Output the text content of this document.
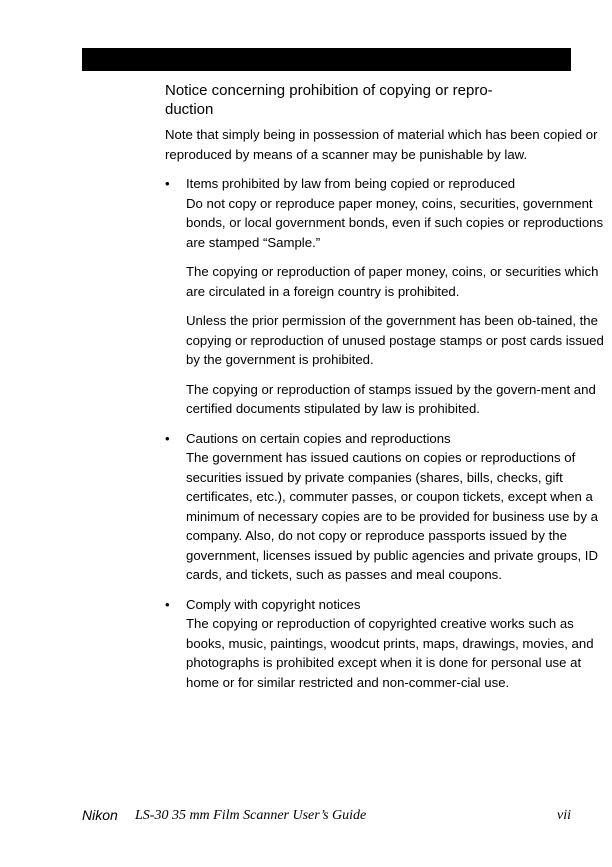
Notice concerning prohibition of copying or repro-duction

Note that simply being in possession of material which has been copied or reproduced by means of a scanner may be punishable by law.

• Items prohibited by law from being copied or reproduced

Do not copy or reproduce paper money, coins, securities, government bonds, or local government bonds, even if such copies or reproductions are stamped “Sample.”

The copying or reproduction of paper money, coins, or securities which are circulated in a foreign country is prohibited.

Unless the prior permission of the government has been ob-tained, the copying or reproduction of unused postage stamps or post cards issued by the government is prohibited.

The copying or reproduction of stamps issued by the govern-ment and certified documents stipulated by law is prohibited.

• Cautions on certain copies and reproductions

The government has issued cautions on copies or reproductions of securities issued by private companies (shares, bills, checks, gift certificates, etc.), commuter passes, or coupon tickets, except when a minimum of necessary copies are to be provided for business use by a company. Also, do not copy or reproduce passports issued by the government, licenses issued by public agencies and private groups, ID cards, and tickets, such as passes and meal coupons.

• Comply with copyright notices

The copying or reproduction of copyrighted creative works such as books, music, paintings, woodcut prints, maps, drawings, movies, and photographs is prohibited except when it is done for personal use at home or for similar restricted and non-commer-cial use.

Nikon LS-30 35 mm Film Scanner User’s Guide	vii
